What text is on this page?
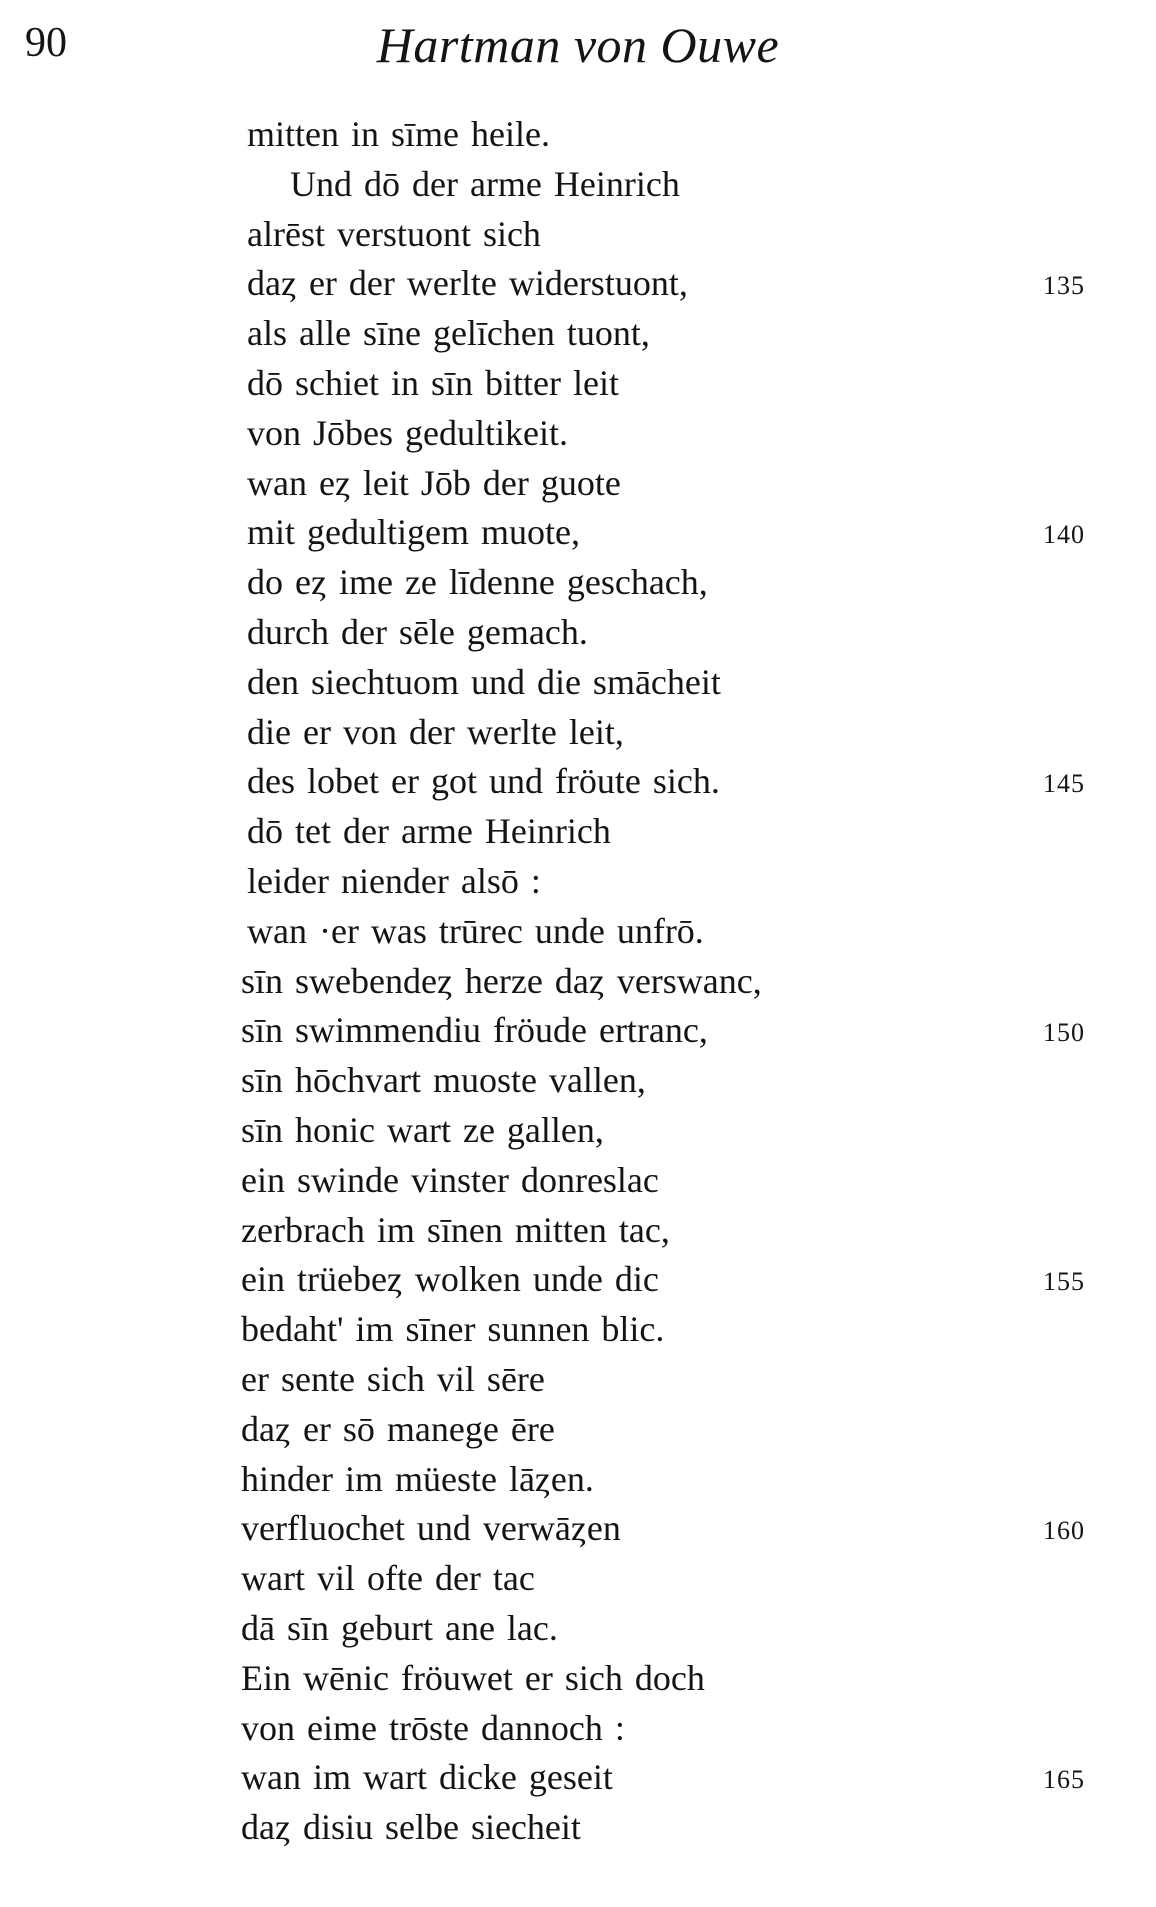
90	Hartman von Ouwe
mitten in sīme heile.
Und dō der arme Heinrich
alrēst verstuont sich
daȥ er der werlte widerstuont,	135
als alle sīne gelīchen tuont,
dō schiet in sīn bitter leit
von Jōbes gedultikeit.
wan eȥ leit Jōb der guote
mit gedultigem muote,	140
do eȥ ime ze līdenne geschach,
durch der sēle gemach.
den siechtuom und die smācheit
die er von der werlte leit,
des lobet er got und fröute sich.	145
dō tet der arme Heinrich
leider niender alsō :
wan ·er was trūrec unde unfrō.
sīn swebendeȥ herze daȥ verswanc,
sīn swimmendiu fröude ertranc,	150
sīn hōchvart muoste vallen,
sīn honic wart ze gallen,
ein swinde vinster donreslac
zerbrach im sīnen mitten tac,
ein trüebeȥ wolken unde dic	155
bedaht' im sīner sunnen blic.
er sente sich vil sēre
daȥ er sō manege ēre
hinder im müeste lāȥen.
verfluochet und verwāȥen	160
wart vil ofte der tac
dā sīn geburt ane lac.
Ein wēnic fröuwet er sich doch
von eime trōste dannoch :
wan im wart dicke geseit	165
daȥ disiu selbe siecheit
